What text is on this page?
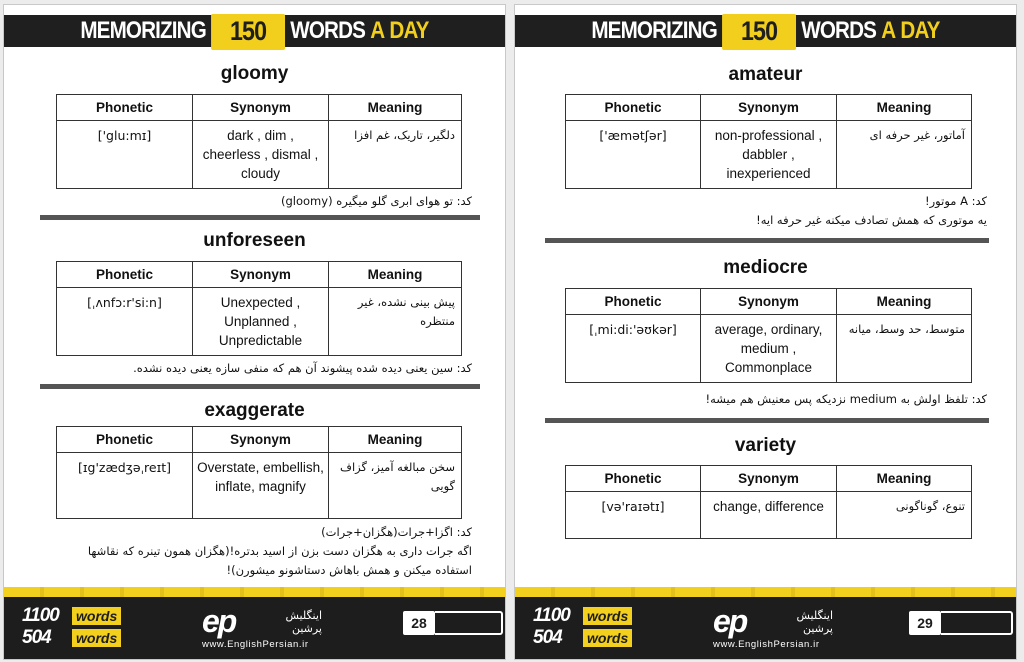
MEMORIZING 150	WORDS A DAY
gloomy
Phonetic	Synonym	Meaning
['glu:mɪ]	dark , dim , cheerless , dismal , cloudy	دلگیر، تاریک، غم افزا
کد: تو هوای ابری گلو میگیره (gloomy)
unforeseen
Phonetic	Synonym	Meaning
[ˌʌnfɔ:r'si:n]	Unexpected , Unplanned , Unpredictable	پیش بینی نشده، غیر منتظره
کد: سین یعنی دیده شده پیشوند آن هم که منفی سازه یعنی دیده نشده.
exaggerate
Phonetic	Synonym	Meaning
[ɪg'zædʒəˌreɪt]	Overstate, embellish, inflate, magnify	سخن مبالغه آمیز، گزاف گویی
کد: اگزا+جرات(هگزان+جرات)
اگه جرات داری به هگزان دست بزن از اسید بدتره!(هگزان همون تینره که نقاشها
استفاده میکنن و همش باهاش دستاشونو میشورن)!
1100	words
504	words	ep	اینگلیش پرشین
www.EnglishPersian.ir
28
MEMORIZING 150	WORDS A DAY
amateur
Phonetic	Synonym	Meaning
['æmətʃər]	non-professional , dabbler , inexperienced	آماتور، غیر حرفه ای
کد: A موتور!
یه موتوری که همش تصادف میکنه غیر حرفه ایه!
mediocre
Phonetic	Synonym	Meaning
[ˌmi:di:'əʊkər]	average, ordinary, medium , Commonplace	متوسط، حد وسط، میانه
کد: تلفظ اولش به medium نزدیکه پس معنیش هم میشه!
variety
Phonetic	Synonym	Meaning
[və'raɪətɪ]	change, difference	تنوع، گوناگونی
1100	words
504	words	ep	اینگلیش پرشین
www.EnglishPersian.ir
29
